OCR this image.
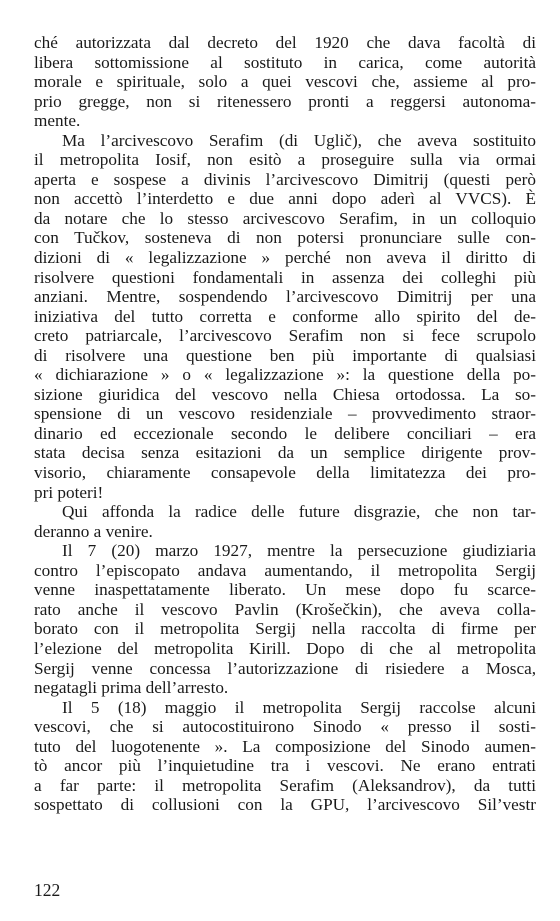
ché autorizzata dal decreto del 1920 che dava facoltà di
libera sottomissione al sostituto in carica, come autorità
morale e spirituale, solo a quei vescovi che, assieme al pro-
prio gregge, non si ritenessero pronti a reggersi autonoma-
mente.
Ma l’arcivescovo Serafim (di Uglič), che aveva sostituito
il metropolita Iosif, non esitò a proseguire sulla via ormai
aperta e sospese a divinis l’arcivescovo Dimitrij (questi però
non accettò l’interdetto e due anni dopo aderì al VVCS). È
da notare che lo stesso arcivescovo Serafim, in un colloquio
con Tučkov, sosteneva di non potersi pronunciare sulle con-
dizioni di « legalizzazione » perché non aveva il diritto di
risolvere questioni fondamentali in assenza dei colleghi più
anziani. Mentre, sospendendo l’arcivescovo Dimitrij per una
iniziativa del tutto corretta e conforme allo spirito del de-
creto patriarcale, l’arcivescovo Serafim non si fece scrupolo
di risolvere una questione ben più importante di qualsiasi
« dichiarazione » o « legalizzazione »: la questione della po-
sizione giuridica del vescovo nella Chiesa ortodossa. La so-
spensione di un vescovo residenziale – provvedimento straor-
dinario ed eccezionale secondo le delibere conciliari – era
stata decisa senza esitazioni da un semplice dirigente prov-
visorio, chiaramente consapevole della limitatezza dei pro-
pri poteri!
Qui affonda la radice delle future disgrazie, che non tar-
deranno a venire.
Il 7 (20) marzo 1927, mentre la persecuzione giudiziaria
contro l’episcopato andava aumentando, il metropolita Sergij
venne inaspettatamente liberato. Un mese dopo fu scarce-
rato anche il vescovo Pavlin (Krošečkin), che aveva colla-
borato con il metropolita Sergij nella raccolta di firme per
l’elezione del metropolita Kirill. Dopo di che al metropolita
Sergij venne concessa l’autorizzazione di risiedere a Mosca,
negatagli prima dell’arresto.
Il 5 (18) maggio il metropolita Sergij raccolse alcuni
vescovi, che si autocostituirono Sinodo « presso il sosti-
tuto del luogotenente ». La composizione del Sinodo aumen-
tò ancor più l’inquietudine tra i vescovi. Ne erano entrati
a far parte: il metropolita Serafim (Aleksandrov), da tutti
sospettato di collusioni con la GPU, l’arcivescovo Sil’vestr
122
